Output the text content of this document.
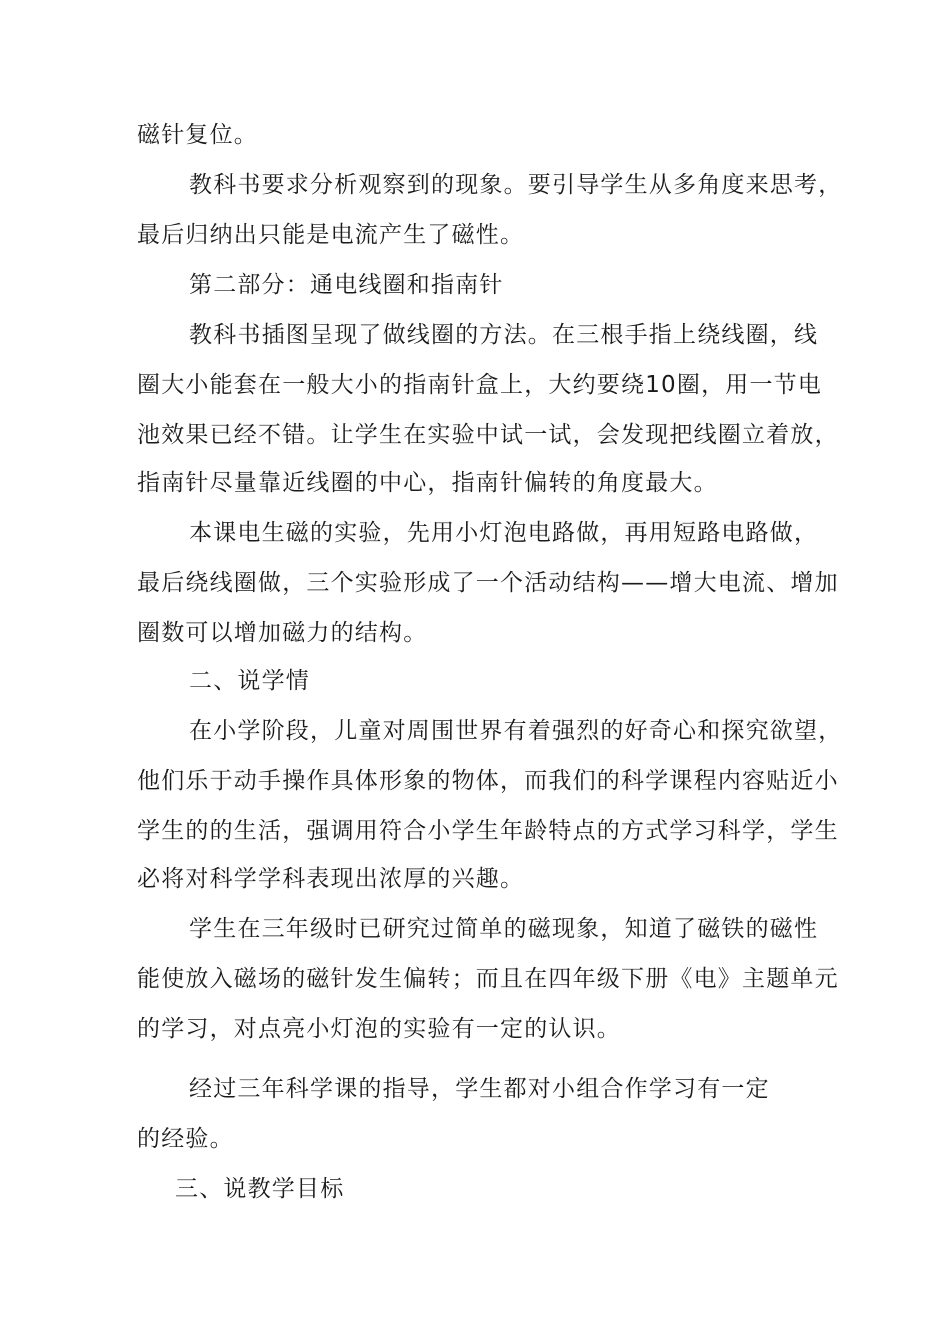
磁针复位。
教科书要求分析观察到的现象。要引导学生从多角度来思考，
最后归纳出只能是电流产生了磁性。
第二部分：通电线圈和指南针
教科书插图呈现了做线圈的方法。在三根手指上绕线圈，线
圈大小能套在一般大小的指南针盒上，大约要绕10圈，用一节电
池效果已经不错。让学生在实验中试一试，会发现把线圈立着放，
指南针尽量靠近线圈的中心，指南针偏转的角度最大。
本课电生磁的实验，先用小灯泡电路做，再用短路电路做，
最后绕线圈做，三个实验形成了一个活动结构——增大电流、增加
圈数可以增加磁力的结构。
二、说学情
在小学阶段，儿童对周围世界有着强烈的好奇心和探究欲望，
他们乐于动手操作具体形象的物体，而我们的科学课程内容贴近小
学生的的生活，强调用符合小学生年龄特点的方式学习科学，学生
必将对科学学科表现出浓厚的兴趣。
学生在三年级时已研究过简单的磁现象，知道了磁铁的磁性
能使放入磁场的磁针发生偏转；而且在四年级下册《电》主题单元
的学习，对点亮小灯泡的实验有一定的认识。
经过三年科学课的指导，学生都对小组合作学习有一定
的经验。
三、说教学目标
